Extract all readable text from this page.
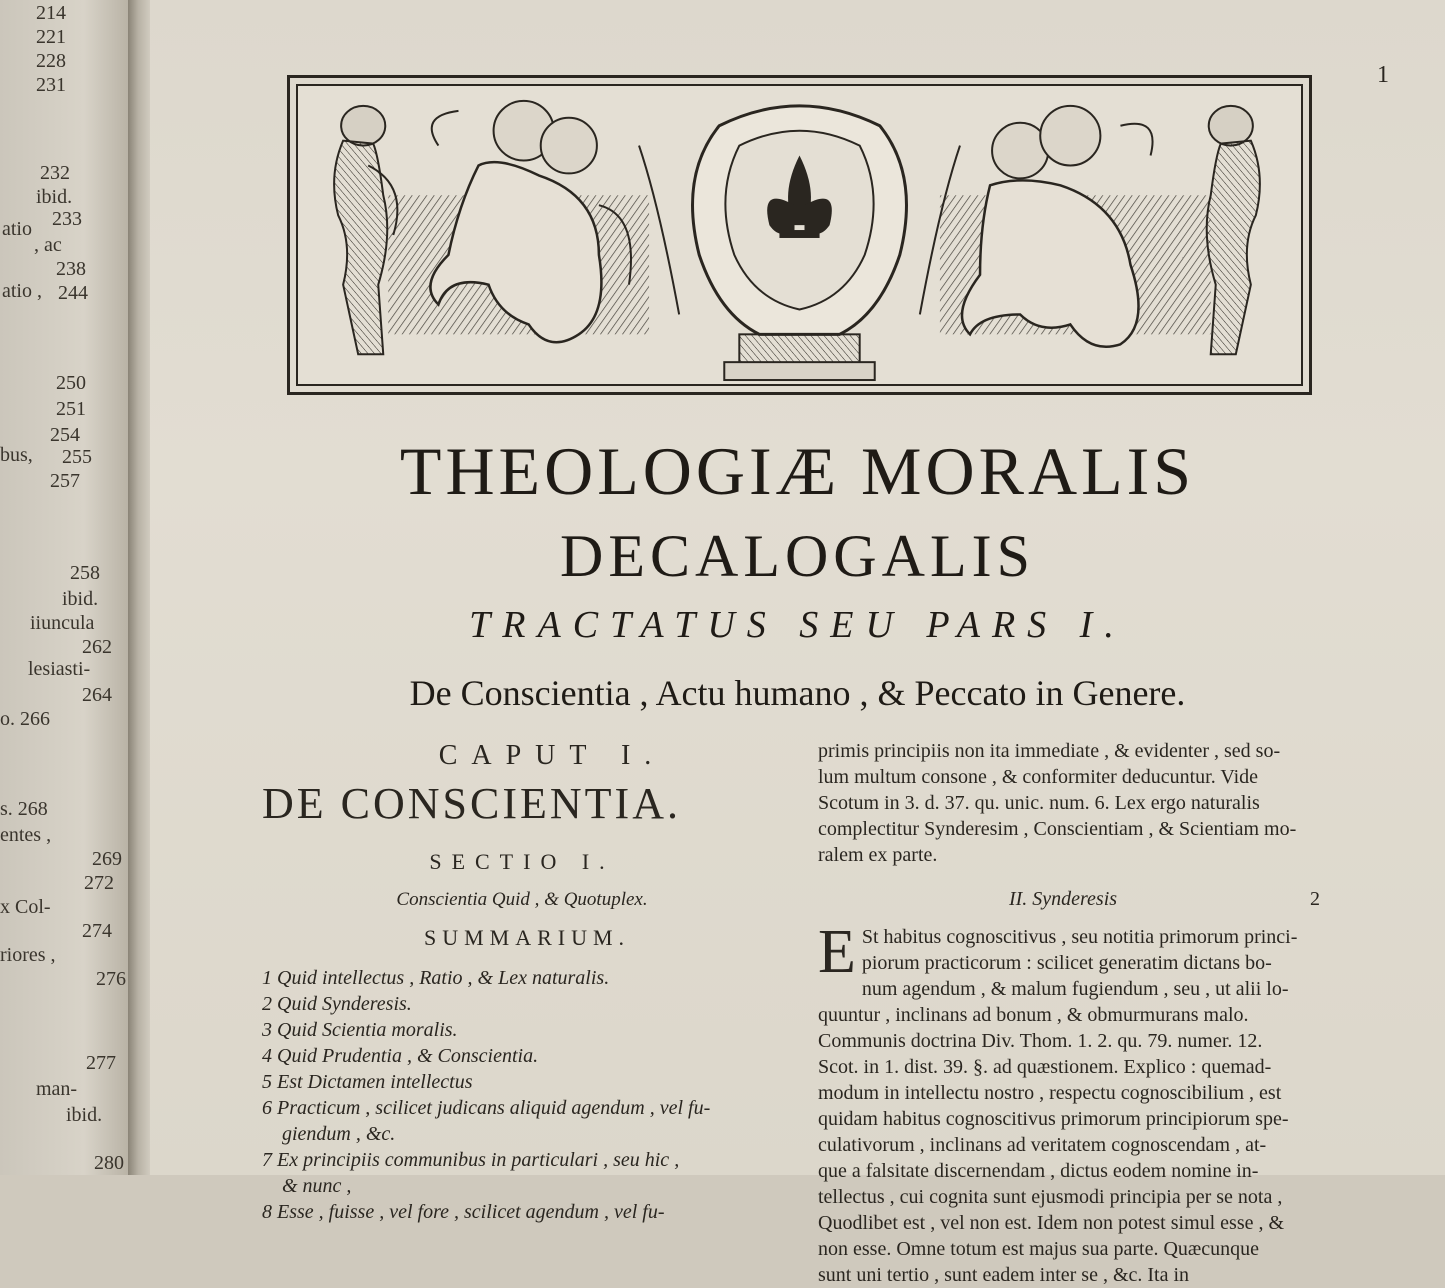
214
221
228
231
232
ibid.
atio 233
, ac
238
atio , 244
250
251
254
bus, 255
257
258
ibid.
iiuncula
262
lesiasti-
264
o. 266
s. 268
entes ,
269
272
x Col-
274
riores ,
276
277
man-
ibid.
280
1
THEOLOGIÆ MORALIS
DECALOGALIS
TRACTATUS SEU PARS I.
De Conscientia , Actu humano , & Peccato in Genere.
CAPUT I.
DE CONSCIENTIA.
SECTIO I.
Conscientia Quid , & Quotuplex.
SUMMARIUM.
1 Quid intellectus , Ratio , & Lex naturalis.
2 Quid Synderesis.
3 Quid Scientia moralis.
4 Quid Prudentia , & Conscientia.
5 Est Dictamen intellectus
6 Practicum , scilicet judicans aliquid agendum , vel fu-
giendum , &c.
7 Ex principiis communibus in particulari , seu hic ,
& nunc ,
8 Esse , fuisse , vel fore , scilicet agendum , vel fu-

primis principiis non ita immediate , & evidenter , sed so-
lum multum consone , & conformiter deducuntur. Vide
Scotum in 3. d. 37. qu. unic. num. 6. Lex ergo naturalis
complectitur Synderesim , Conscientiam , & Scientiam mo-
ralem ex parte.

II. Synderesis

E St habitus cognoscitivus , seu notitia primorum princi-
piorum practicorum : scilicet generatim dictans bo-
num agendum , & malum fugiendum , seu , ut alii lo-
quuntur , inclinans ad bonum , & obmurmurans malo.
Communis doctrina Div. Thom. 1. 2. qu. 79. numer. 12.
Scot. in 1. dist. 39. §. ad quæstionem. Explico : quemad-
modum in intellectu nostro , respectu cognoscibilium , est
quidam habitus cognoscitivus primorum principiorum spe-
culativorum , inclinans ad veritatem cognoscendam , at-
que a falsitate discernendam , dictus eodem nomine in-
tellectus , cui cognita sunt ejusmodi principia per se nota ,
Quodlibet est , vel non est. Idem non potest simul esse , &
non esse. Omne totum est majus sua parte. Quæcunque
sunt uni tertio , sunt eadem inter se , &c. Ita in

2
